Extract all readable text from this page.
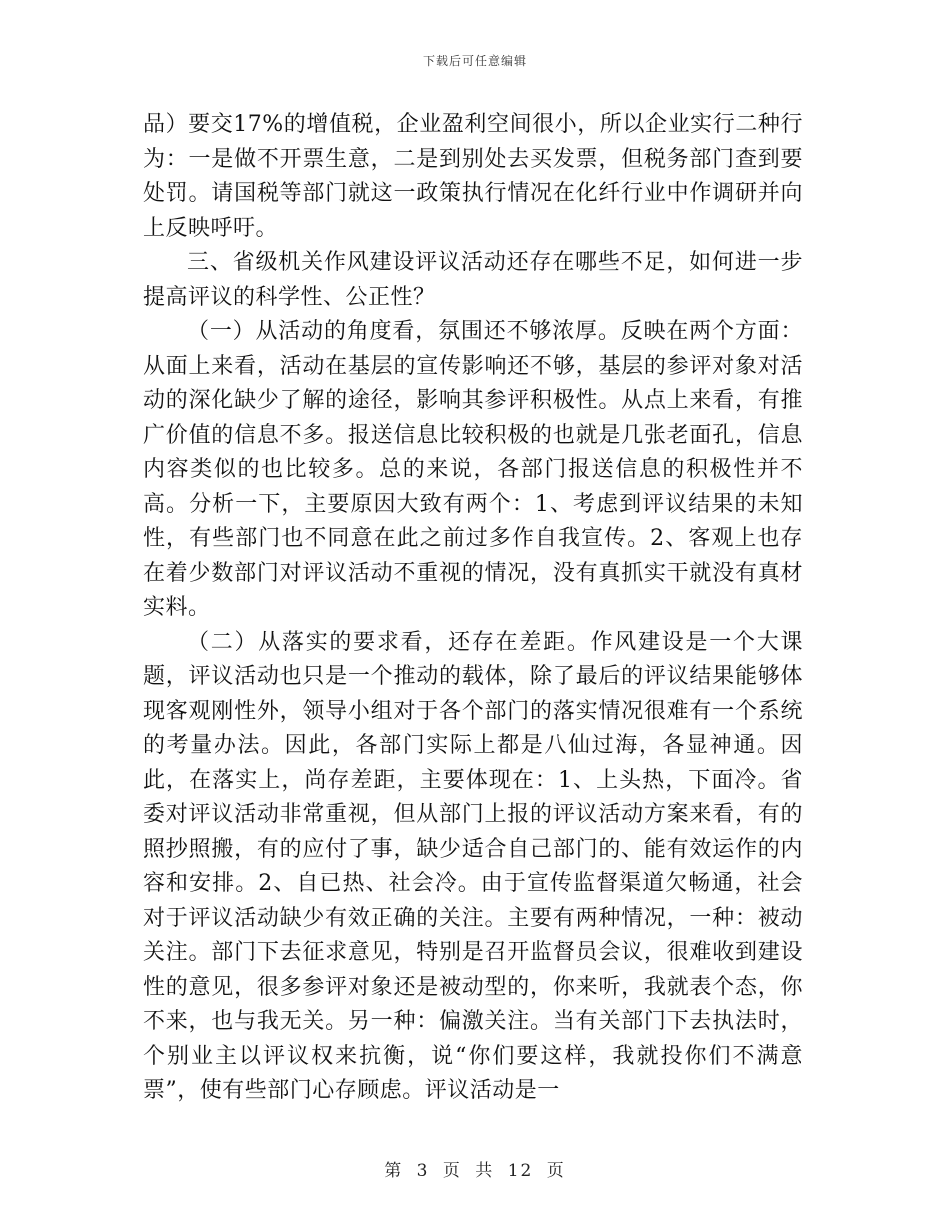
下载后可任意编辑

品）要交17%的增值税，企业盈利空间很小，所以企业实行二种行为：一是做不开票生意，二是到别处去买发票，但税务部门查到要处罚。请国税等部门就这一政策执行情况在化纤行业中作调研并向上反映呼吁。

三、省级机关作风建设评议活动还存在哪些不足，如何进一步提高评议的科学性、公正性？

（一）从活动的角度看，氛围还不够浓厚。反映在两个方面：从面上来看，活动在基层的宣传影响还不够，基层的参评对象对活动的深化缺少了解的途径，影响其参评积极性。从点上来看，有推广价值的信息不多。报送信息比较积极的也就是几张老面孔，信息内容类似的也比较多。总的来说，各部门报送信息的积极性并不高。分析一下，主要原因大致有两个：1、考虑到评议结果的未知性，有些部门也不同意在此之前过多作自我宣传。2、客观上也存在着少数部门对评议活动不重视的情况，没有真抓实干就没有真材实料。

（二）从落实的要求看，还存在差距。作风建设是一个大课题，评议活动也只是一个推动的载体，除了最后的评议结果能够体现客观刚性外，领导小组对于各个部门的落实情况很难有一个系统的考量办法。因此，各部门实际上都是八仙过海，各显神通。因此，在落实上，尚存差距，主要体现在：1、上头热，下面冷。省委对评议活动非常重视，但从部门上报的评议活动方案来看，有的照抄照搬，有的应付了事，缺少适合自己部门的、能有效运作的内容和安排。2、自已热、社会冷。由于宣传监督渠道欠畅通，社会对于评议活动缺少有效正确的关注。主要有两种情况，一种：被动关注。部门下去征求意见，特别是召开监督员会议，很难收到建设性的意见，很多参评对象还是被动型的，你来听，我就表个态，你不来，也与我无关。另一种：偏激关注。当有关部门下去执法时，个别业主以评议权来抗衡，说“你们要这样，我就投你们不满意票”，使有些部门心存顾虑。评议活动是一

第 3 页 共 12 页
